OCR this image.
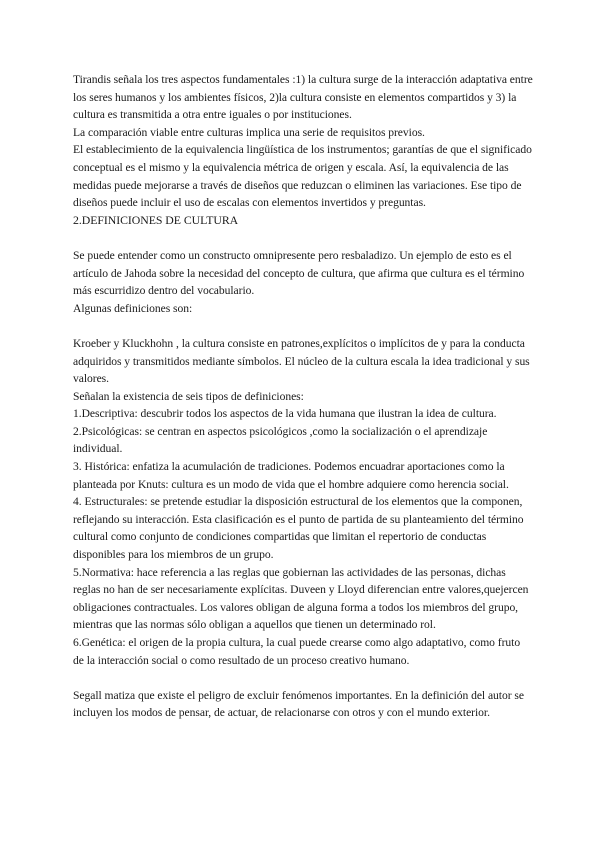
Tirandis señala los tres aspectos fundamentales :1) la cultura surge de la interacción adaptativa entre los seres humanos y los ambientes físicos, 2)la cultura consiste en elementos compartidos y 3) la cultura es transmitida a otra entre iguales o por instituciones.

La comparación viable entre culturas implica una serie de requisitos previos.

El establecimiento de la equivalencia lingüística de los instrumentos; garantías de que el significado conceptual es el mismo y la equivalencia métrica de origen y escala. Así, la equivalencia de las medidas puede mejorarse a través de diseños que reduzcan o eliminen las variaciones. Ese tipo de diseños puede incluir el uso de escalas con elementos invertidos y preguntas.

2.DEFINICIONES DE CULTURA

Se puede entender como un constructo omnipresente pero resbaladizo. Un ejemplo de esto es el artículo de Jahoda sobre la necesidad del concepto de cultura, que afirma que cultura es el término más escurridizo dentro del vocabulario.

Algunas definiciones son:

Kroeber y Kluckhohn , la cultura consiste en patrones,explícitos o implícitos de y para la conducta adquiridos y transmitidos mediante símbolos. El núcleo de la cultura escala la idea tradicional y sus valores.

Señalan la existencia de seis tipos de definiciones:

1.Descriptiva: descubrir todos los aspectos de la vida humana que ilustran la idea de cultura.

2.Psicológicas: se centran en aspectos psicológicos ,como la socialización o el aprendizaje individual.

3. Histórica: enfatiza la acumulación de tradiciones. Podemos encuadrar aportaciones como la planteada por Knuts: cultura es un modo de vida que el hombre adquiere como herencia social.

4. Estructurales: se pretende estudiar la disposición estructural de los elementos que la componen, reflejando su interacción. Esta clasificación es el punto de partida de su planteamiento del término cultural como conjunto de condiciones compartidas que limitan el repertorio de conductas disponibles para los miembros de un grupo.

5.Normativa: hace referencia a las reglas que gobiernan las actividades de las personas, dichas reglas no han de ser necesariamente explícitas. Duveen y Lloyd diferencian entre valores,quejercen obligaciones contractuales. Los valores obligan de alguna forma a todos los miembros del grupo, mientras que las normas sólo obligan a aquellos que tienen un determinado rol.

6.Genética: el origen de la propia cultura, la cual puede crearse como algo adaptativo, como fruto de la interacción social o como resultado de un proceso creativo humano.

Segall matiza que existe el peligro de excluir fenómenos importantes. En la definición del autor se incluyen los modos de pensar, de actuar, de relacionarse con otros y con el mundo exterior.
